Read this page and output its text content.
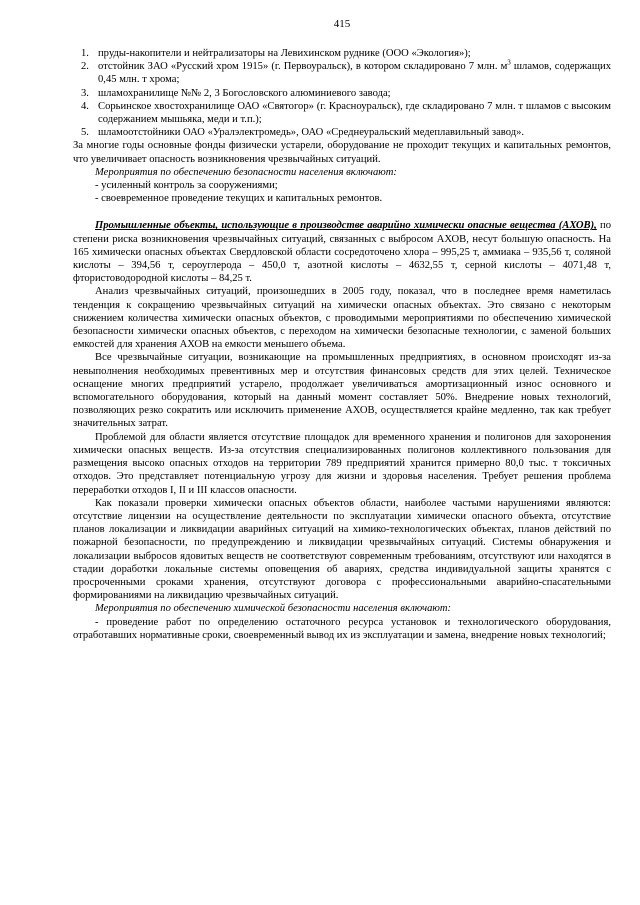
415
1. пруды-накопители и нейтрализаторы на Левихинском руднике (ООО «Экология»);
2. отстойник ЗАО «Русский хром 1915» (г. Первоуральск), в котором складировано 7 млн. $м^3$ шламов, содержащих 0,45 млн. т хрома;
3. шламохранилище №№ 2, 3 Богословского алюминиевого завода;
4. Сорьинское хвостохранилище ОАО «Святогор» (г. Красноуральск), где складировано 7 млн. т шламов с высоким содержанием мышьяка, меди и т.п.);
5. шламоотстойники ОАО «Уралэлектромедь», ОАО «Среднеуральский медеплавильный завод».

За многие годы основные фонды физически устарели, оборудование не проходит текущих и капитальных ремонтов, что увеличивает опасность возникновения чрезвычайных ситуаций.

Мероприятия по обеспечению безопасности населения включают:

- усиленный контроль за сооружениями;

- своевременное проведение текущих и капитальных ремонтов.

Промышленные объекты, использующие в производстве аварийно химически опасные вещества (АХОВ), по степени риска возникновения чрезвычайных ситуаций, связанных с выбросом АХОВ, несут большую опасность. На 165 химически опасных объектах Свердловской области сосредоточено хлора – 995,25 т, аммиака – 935,56 т, соляной кислоты – 394,56 т, сероуглерода – 450,0 т, азотной кислоты – 4632,55 т, серной кислоты – 4071,48 т, фтористоводородной кислоты – 84,25 т.

Анализ чрезвычайных ситуаций, произошедших в 2005 году, показал, что в последнее время наметилась тенденция к сокращению чрезвычайных ситуаций на химически опасных объектах. Это связано с некоторым снижением количества химически опасных объектов, с проводимыми мероприятиями по обеспечению химической безопасности химически опасных объектов, с переходом на химически безопасные технологии, с заменой больших емкостей для хранения АХОВ на емкости меньшего объема.

Все чрезвычайные ситуации, возникающие на промышленных предприятиях, в основном происходят из-за невыполнения необходимых превентивных мер и отсутствия финансовых средств для этих целей. Техническое оснащение многих предприятий устарело, продолжает увеличиваться амортизационный износ основного и вспомогательного оборудования, который на данный момент составляет 50%. Внедрение новых технологий, позволяющих резко сократить или исключить применение АХОВ, осуществляется крайне медленно, так как требует значительных затрат.

Проблемой для области является отсутствие площадок для временного хранения и полигонов для захоронения химически опасных веществ. Из-за отсутствия специализированных полигонов коллективного пользования для размещения высоко опасных отходов на территории 789 предприятий хранится примерно 80,0 тыс. т токсичных отходов. Это представляет потенциальную угрозу для жизни и здоровья населения. Требует решения проблема переработки отходов I, II и III классов опасности.

Как показали проверки химически опасных объектов области, наиболее частыми нарушениями являются: отсутствие лицензии на осуществление деятельности по эксплуатации химически опасного объекта, отсутствие планов локализации и ликвидации аварийных ситуаций на химико-технологических объектах, планов действий по пожарной безопасности, по предупреждению и ликвидации чрезвычайных ситуаций. Системы обнаружения и локализации выбросов ядовитых веществ не соответствуют современным требованиям, отсутствуют или находятся в стадии доработки локальные системы оповещения об авариях, средства индивидуальной защиты хранятся с просроченными сроками хранения, отсутствуют договора с профессиональными аварийно-спасательными формированиями на ликвидацию чрезвычайных ситуаций.

Мероприятия по обеспечению химической безопасности населения включают:

- проведение работ по определению остаточного ресурса установок и технологического оборудования, отработавших нормативные сроки, своевременный вывод их из эксплуатации и замена, внедрение новых технологий;
